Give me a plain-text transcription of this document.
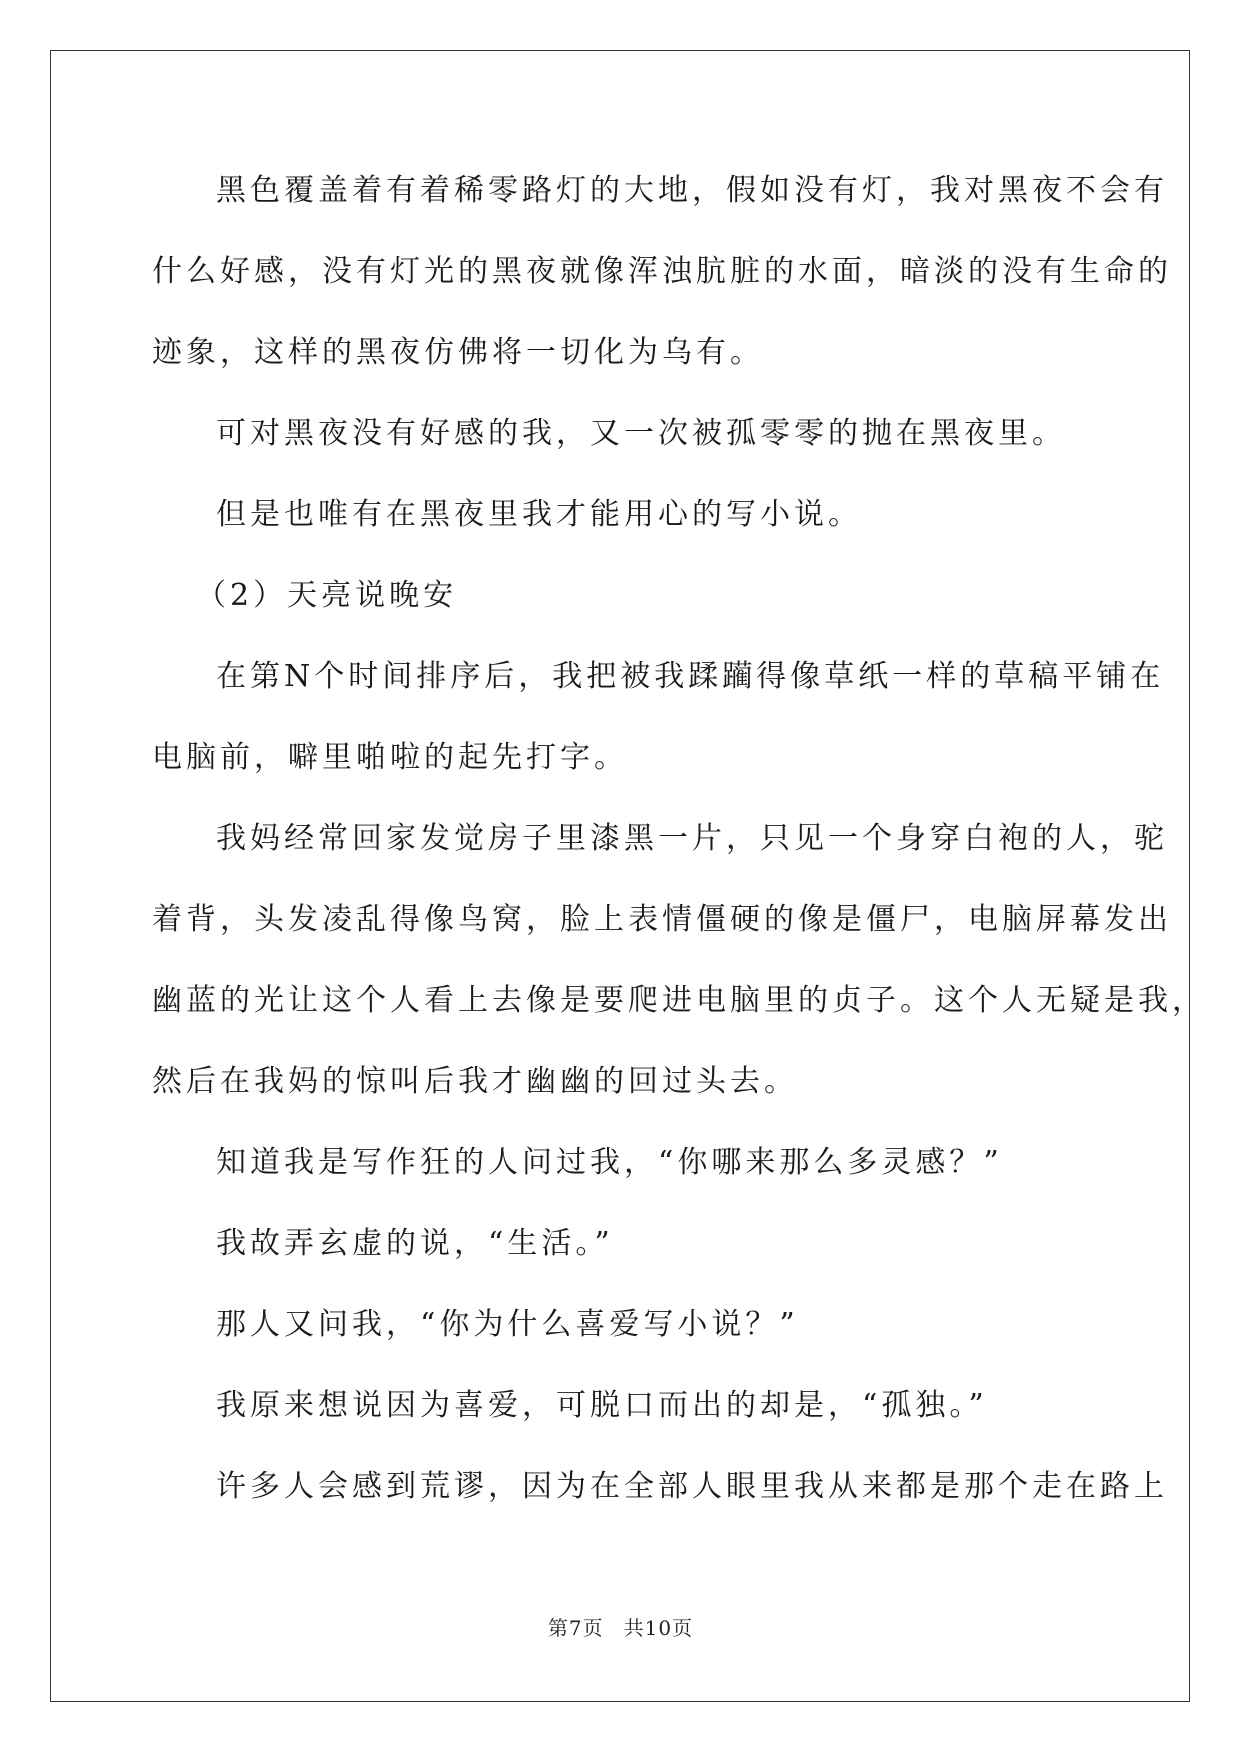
黑色覆盖着有着稀零路灯的大地，假如没有灯，我对黑夜不会有
什么好感，没有灯光的黑夜就像浑浊肮脏的水面，暗淡的没有生命的
迹象，这样的黑夜仿佛将一切化为乌有。
可对黑夜没有好感的我，又一次被孤零零的抛在黑夜里。
但是也唯有在黑夜里我才能用心的写小说。
（2）天亮说晚安
在第N个时间排序后，我把被我蹂躏得像草纸一样的草稿平铺在
电脑前，噼里啪啦的起先打字。
我妈经常回家发觉房子里漆黑一片，只见一个身穿白袍的人，驼
着背，头发凌乱得像鸟窝，脸上表情僵硬的像是僵尸，电脑屏幕发出
幽蓝的光让这个人看上去像是要爬进电脑里的贞子。这个人无疑是我，
然后在我妈的惊叫后我才幽幽的回过头去。
知道我是写作狂的人问过我，“你哪来那么多灵感？”
我故弄玄虚的说，“生活。”
那人又问我，“你为什么喜爱写小说？”
我原来想说因为喜爱，可脱口而出的却是，“孤独。”
许多人会感到荒谬，因为在全部人眼里我从来都是那个走在路上
第7页 共10页
